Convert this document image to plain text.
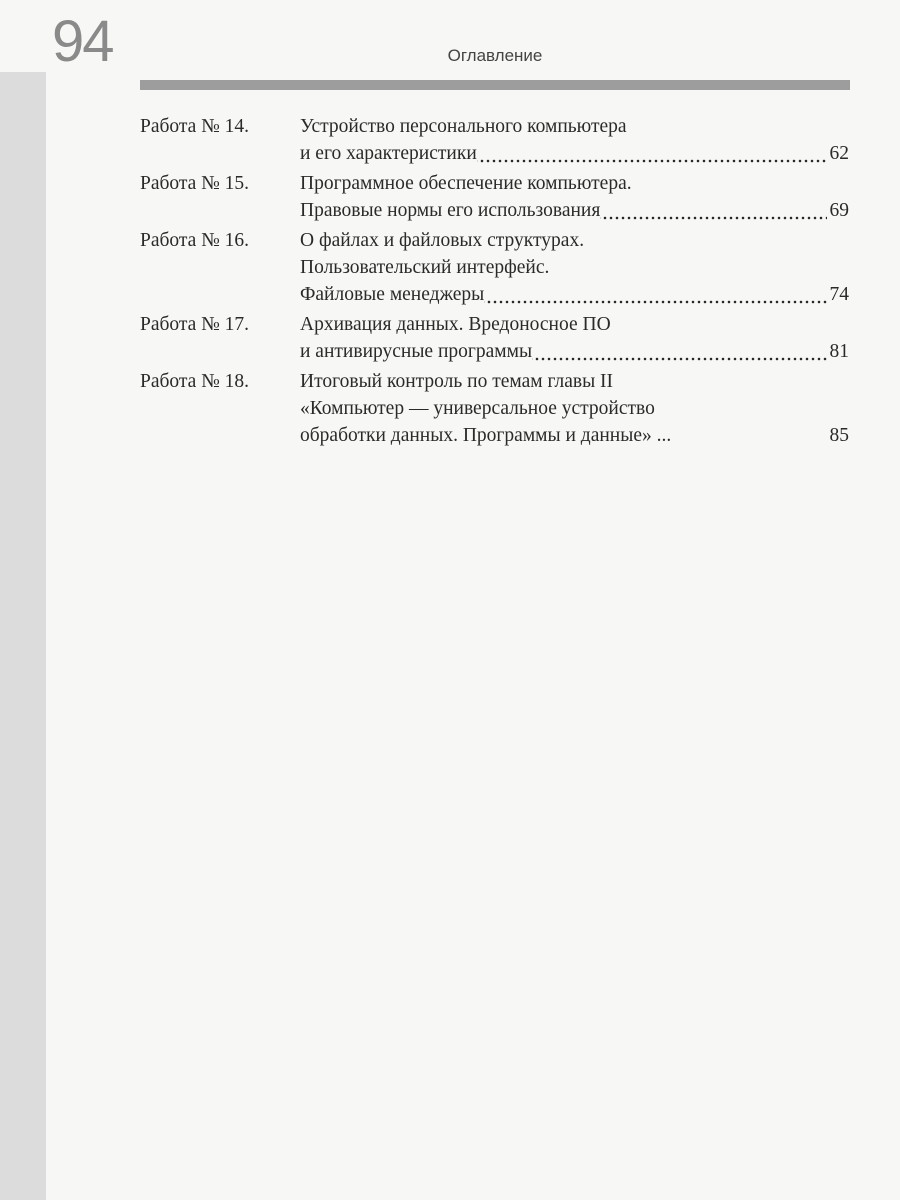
94	Оглавление
Работа № 14.	Устройство персонального компьютера
и его характеристики	62
Работа № 15.	Программное обеспечение компьютера.
Правовые нормы его использования	69
Работа № 16.	О файлах и файловых структурах.
Пользовательский интерфейс.
Файловые менеджеры	74
Работа № 17.	Архивация данных. Вредоносное ПО
и антивирусные программы	81
Работа № 18.	Итоговый контроль по темам главы II
«Компьютер — универсальное устройство
обработки данных. Программы и данные» ...	85
